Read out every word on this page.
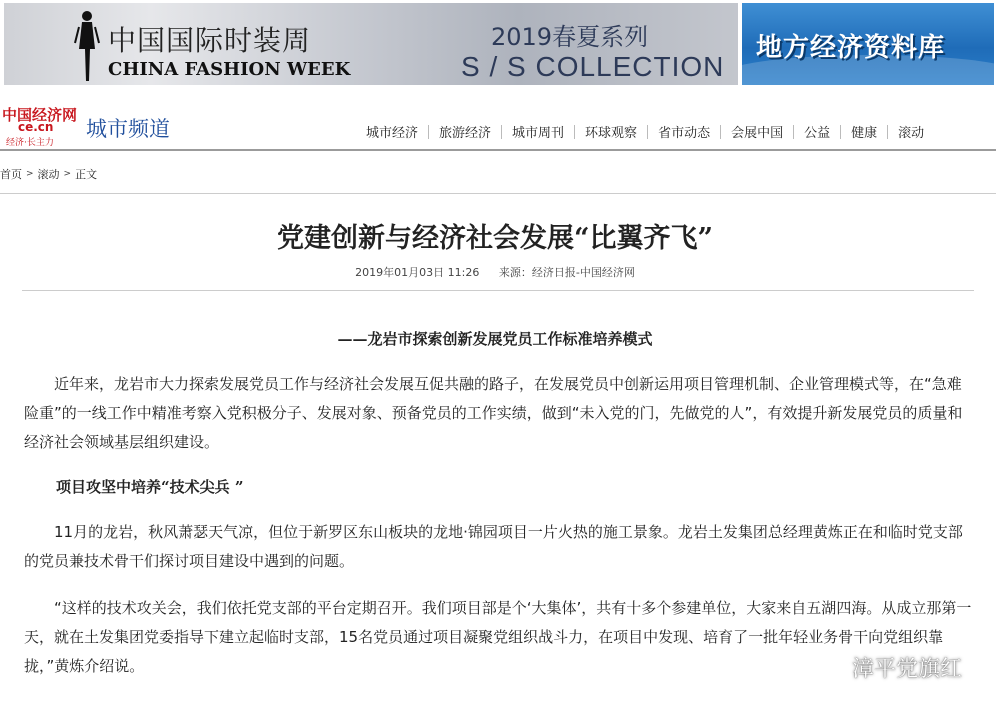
中国国际时装周
CHINA FASHION WEEK
2019春夏系列
S / S COLLECTION
地方经济资料库
中国经济网
ce.cn
经济·长主力
城市频道	城市经济	旅游经济	城市周刊	环球观察	省市动态	会展中国	公益	健康	滚动
首页 > 滚动 > 正文
党建创新与经济社会发展“比翼齐飞”
2019年01月03日 11:26 来源：经济日报-中国经济网
——龙岩市探索创新发展党员工作标准培养模式

近年来，龙岩市大力探索发展党员工作与经济社会发展互促共融的路子，在发展党员中创新运用项目管理机制、企业管理模式等，在“急难险重”的一线工作中精准考察入党积极分子、发展对象、预备党员的工作实绩，做到“未入党的门，先做党的人”，有效提升新发展党员的质量和经济社会领域基层组织建设。

项目攻坚中培养“技术尖兵 ”

11月的龙岩，秋风萧瑟天气凉，但位于新罗区东山板块的龙地·锦园项目一片火热的施工景象。龙岩土发集团总经理黄炼正在和临时党支部的党员兼技术骨干们探讨项目建设中遇到的问题。

“这样的技术攻关会，我们依托党支部的平台定期召开。我们项目部是个‘大集体’，共有十多个参建单位，大家来自五湖四海。从成立那第一天，就在土发集团党委指导下建立起临时支部，15名党员通过项目凝聚党组织战斗力，在项目中发现、培育了一批年轻业务骨干向党组织靠拢，”黄炼介绍说。	漳平党旗红
